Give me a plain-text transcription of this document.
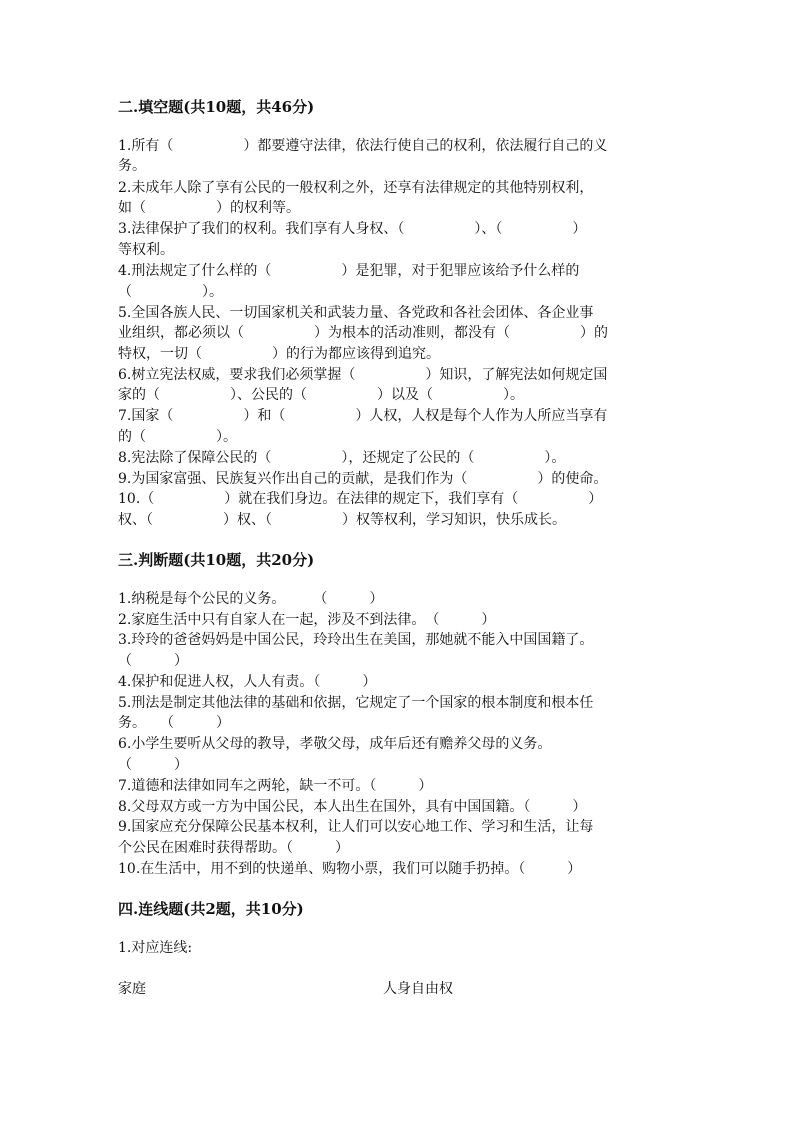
二.填空题(共10题，共46分)
1.所有（　　　　　）都要遵守法律，依法行使自己的权利，依法履行自己的义
务。
2.未成年人除了享有公民的一般权利之外，还享有法律规定的其他特别权利，
如（　　　　　）的权利等。
3.法律保护了我们的权利。我们享有人身权、（　　　　　）、（　　　　　）
等权利。
4.刑法规定了什么样的（　　　　　）是犯罪，对于犯罪应该给予什么样的
（　　　　　）。
5.全国各族人民、一切国家机关和武装力量、各党政和各社会团体、各企业事
业组织，都必须以（　　　　　）为根本的活动准则，都没有（　　　　　）的
特权，一切（　　　　　）的行为都应该得到追究。
6.树立宪法权威，要求我们必须掌握（　　　　　）知识，了解宪法如何规定国
家的（　　　　　）、公民的（　　　　　）以及（　　　　　）。
7.国家（　　　　　）和（　　　　　）人权，人权是每个人作为人所应当享有
的（　　　　　）。
8.宪法除了保障公民的（　　　　　），还规定了公民的（　　　　　）。
9.为国家富强、民族复兴作出自己的贡献，是我们作为（　　　　　）的使命。
10.（　　　　　）就在我们身边。在法律的规定下，我们享有（　　　　　）
权、（　　　　　）权、（　　　　　）权等权利，学习知识，快乐成长。
三.判断题(共10题，共20分)
1.纳税是每个公民的义务。　　　（　　　）
2.家庭生活中只有自家人在一起，涉及不到法律。　（　　　）
3.玲玲的爸爸妈妈是中国公民，玲玲出生在美国，那她就不能入中国国籍了。
（　　　）
4.保护和促进人权，人人有责。（　　　）
5.刑法是制定其他法律的基础和依据，它规定了一个国家的根本制度和根本任
务。　　（　　　）
6.小学生要听从父母的教导，孝敬父母，成年后还有赡养父母的义务。
（　　　）
7.道德和法律如同车之两轮，缺一不可。（　　　）
8.父母双方或一方为中国公民，本人出生在国外，具有中国国籍。（　　　）
9.国家应充分保障公民基本权利，让人们可以安心地工作、学习和生活，让每
个公民在困难时获得帮助。（　　　）
10.在生活中，用不到的快递单、购物小票，我们可以随手扔掉。（　　　）
四.连线题(共2题，共10分)
1.对应连线:
家庭	人身自由权
